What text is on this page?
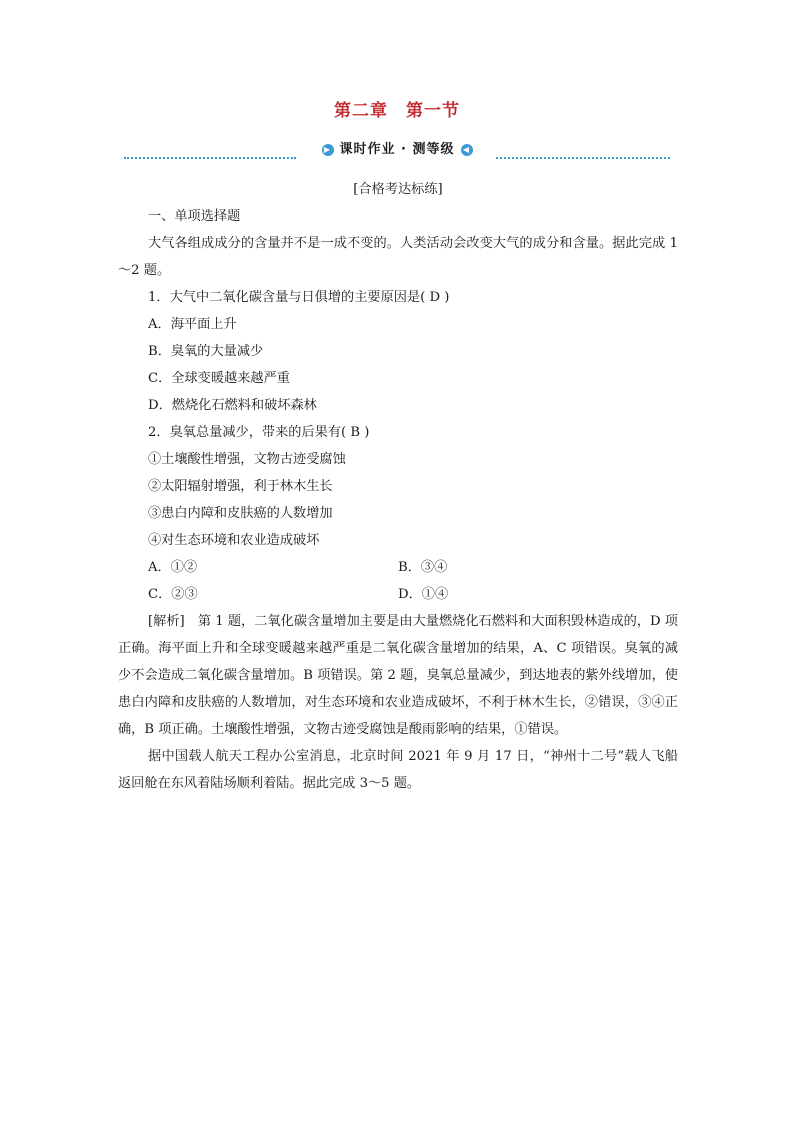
第二章　第一节
▶ 课时作业 · 测等级 ◀

[合格考达标练]

一、单项选择题

大气各组成成分的含量并不是一成不变的。人类活动会改变大气的成分和含量。据此完成 1～2 题。

1．大气中二氧化碳含量与日俱增的主要原因是( D )

A．海平面上升

B．臭氧的大量减少

C．全球变暖越来越严重

D．燃烧化石燃料和破坏森林

2．臭氧总量减少，带来的后果有( B )

①土壤酸性增强，文物古迹受腐蚀

②太阳辐射增强，利于林木生长

③患白内障和皮肤癌的人数增加

④对生态环境和农业造成破坏

A．①②	B．③④
C．②③	D．①④

[解析]　第 1 题，二氧化碳含量增加主要是由大量燃烧化石燃料和大面积毁林造成的，D 项正确。海平面上升和全球变暖越来越严重是二氧化碳含量增加的结果，A、C 项错误。臭氧的减少不会造成二氧化碳含量增加。B 项错误。第 2 题，臭氧总量减少，到达地表的紫外线增加，使患白内障和皮肤癌的人数增加，对生态环境和农业造成破坏，不利于林木生长，②错误，③④正确，B 项正确。土壤酸性增强，文物古迹受腐蚀是酸雨影响的结果，①错误。

据中国载人航天工程办公室消息，北京时间 2021 年 9 月 17 日，“神州十二号”载人飞船返回舱在东风着陆场顺利着陆。据此完成 3～5 题。
